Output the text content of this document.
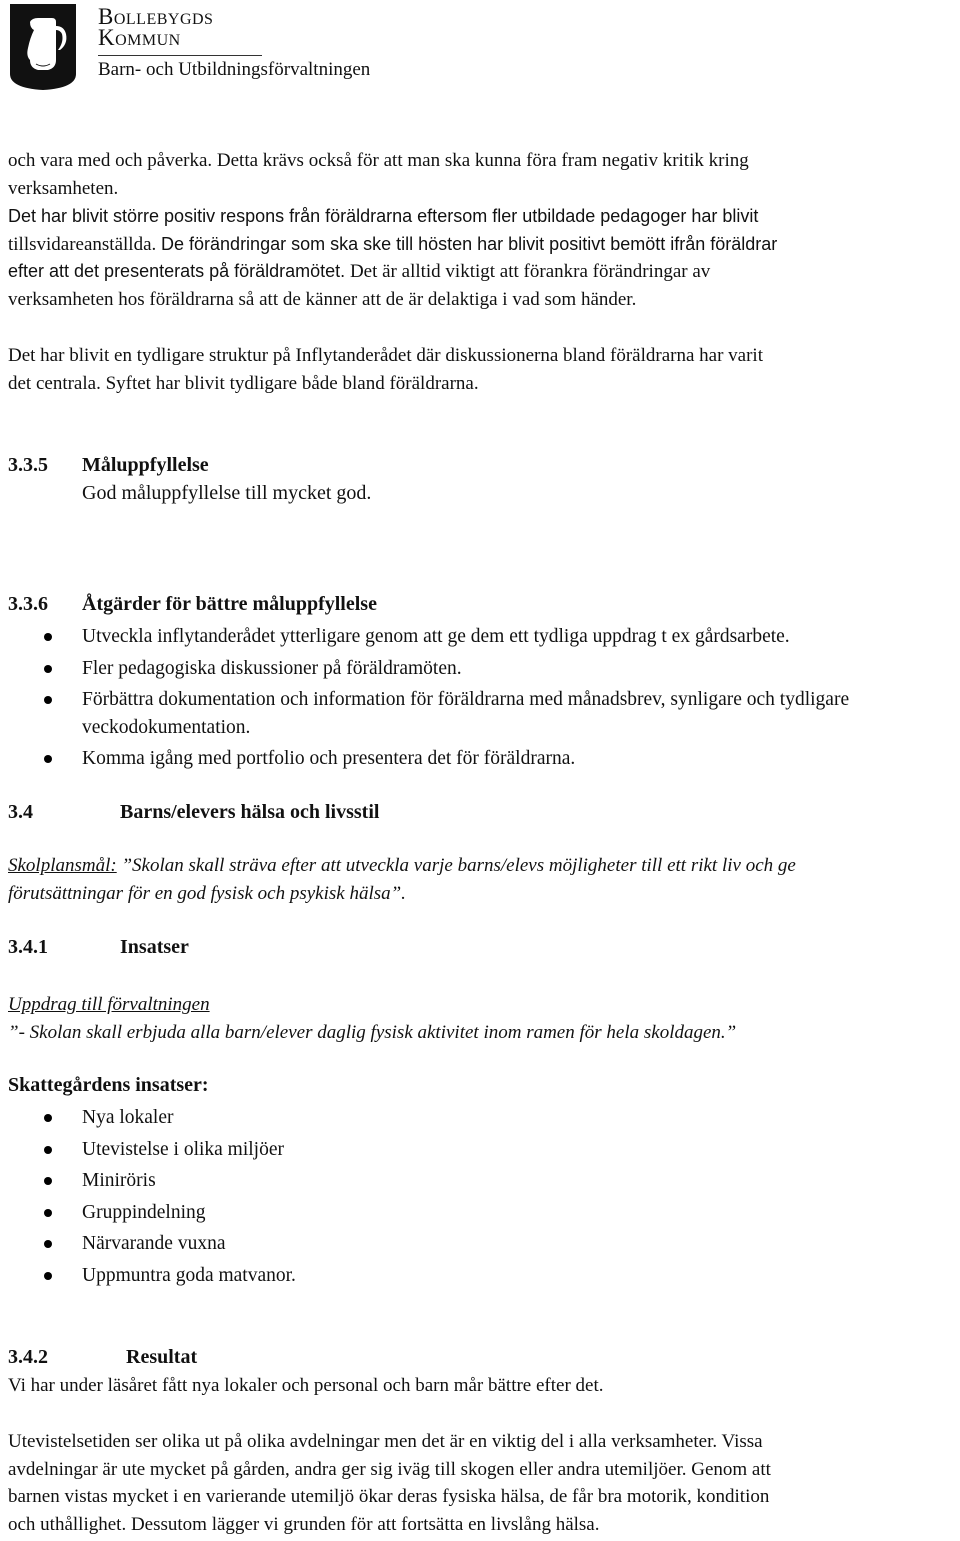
Bollebygds
Kommun
Barn- och Utbildningsförvaltningen
och vara med och påverka. Detta krävs också för att man ska kunna föra fram negativ kritik kring
verksamheten.
Det har blivit större positiv respons från föräldrarna eftersom fler utbildade pedagoger har blivit
tillsvidareanställda. De förändringar som ska ske till hösten har blivit positivt bemött ifrån föräldrar
efter att det presenterats på föräldramötet. Det är alltid viktigt att förankra förändringar av
verksamheten hos föräldrarna så att de känner att de är delaktiga i vad som händer.
Det har blivit en tydligare struktur på Inflytanderådet där diskussionerna bland föräldrarna har varit
det centrala. Syftet har blivit tydligare både bland föräldrarna.
3.3.5 Måluppfyllelse
God måluppfyllelse till mycket god.
3.3.6 Åtgärder för bättre måluppfyllelse
Utveckla inflytanderådet ytterligare genom att ge dem ett tydliga uppdrag t ex gårdsarbete.
Fler pedagogiska diskussioner på föräldramöten.
Förbättra dokumentation och information för föräldrarna med månadsbrev, synligare och tydligare veckodokumentation.
Komma igång med portfolio och presentera det för föräldrarna.
3.4	Barns/elevers hälsa och livsstil
Skolplansmål: ”Skolan skall sträva efter att utveckla varje barns/elevs möjligheter till ett rikt liv och ge
förutsättningar för en god fysisk och psykisk hälsa”.
3.4.1	Insatser
Uppdrag till förvaltningen
”- Skolan skall erbjuda alla barn/elever daglig fysisk aktivitet inom ramen för hela skoldagen.”
Skattegårdens insatser:
Nya lokaler
Utevistelse i olika miljöer
Miniröris
Gruppindelning
Närvarande vuxna
Uppmuntra goda matvanor.
3.4.2	Resultat
Vi har under läsåret fått nya lokaler och personal och barn mår bättre efter det.
Utevistelsetiden ser olika ut på olika avdelningar men det är en viktig del i alla verksamheter. Vissa
avdelningar är ute mycket på gården, andra ger sig iväg till skogen eller andra utemiljöer. Genom att
barnen vistas mycket i en varierande utemiljö ökar deras fysiska hälsa, de får bra motorik, kondition
och uthållighet. Dessutom lägger vi grunden för att fortsätta en livslång hälsa.
